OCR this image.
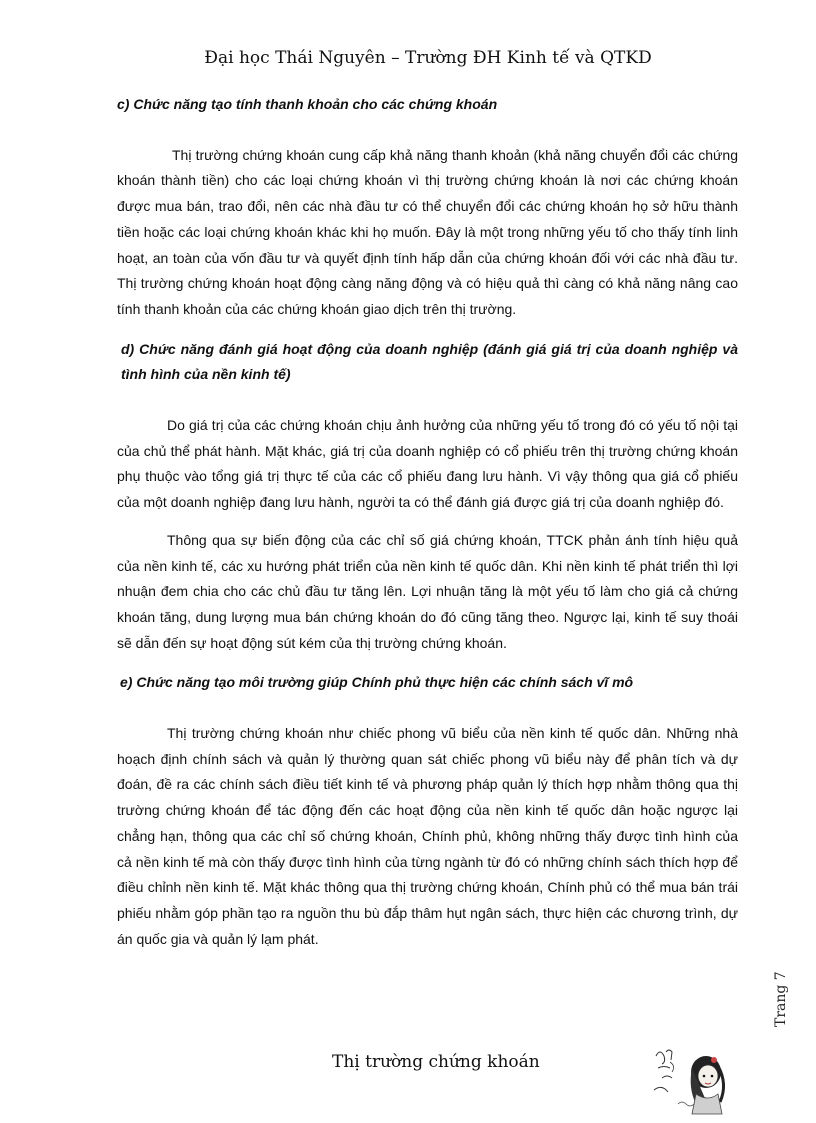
Đại học Thái Nguyên – Trường ĐH Kinh tế và QTKD

c) Chức năng tạo tính thanh khoản cho các chứng khoán

Thị trường chứng khoán cung cấp khả năng thanh khoản (khả năng chuyển đổi các chứng khoán thành tiền) cho các loại chứng khoán vì thị trường chứng khoán là nơi các chứng khoán được mua bán, trao đổi, nên các nhà đầu tư có thể chuyển đổi các chứng khoán họ sở hữu thành tiền hoặc các loại chứng khoán khác khi họ muốn. Đây là một trong những yếu tố cho thấy tính linh hoạt, an toàn của vốn đầu tư và quyết định tính hấp dẫn của chứng khoán đối với các nhà đầu tư. Thị trường chứng khoán hoạt động càng năng động và có hiệu quả thì càng có khả năng nâng cao tính thanh khoản của các chứng khoán giao dịch trên thị trường.

d) Chức năng đánh giá hoạt động của doanh nghiệp (đánh giá giá trị của doanh nghiệp và tình hình của nền kinh tế)

Do giá trị của các chứng khoán chịu ảnh hưởng của những yếu tố trong đó có yếu tố nội tại của chủ thể phát hành. Mặt khác, giá trị của doanh nghiệp có cổ phiếu trên thị trường chứng khoán phụ thuộc vào tổng giá trị thực tế của các cổ phiếu đang lưu hành. Vì vậy thông qua giá cổ phiếu của một doanh nghiệp đang lưu hành, người ta có thể đánh giá được giá trị của doanh nghiệp đó.

Thông qua sự biến động của các chỉ số giá chứng khoán, TTCK phản ánh tính hiệu quả của nền kinh tế, các xu hướng phát triển của nền kinh tế quốc dân. Khi nền kinh tế phát triển thì lợi nhuận đem chia cho các chủ đầu tư tăng lên. Lợi nhuận tăng là một yếu tố làm cho giá cả chứng khoán tăng, dung lượng mua bán chứng khoán do đó cũng tăng theo. Ngược lại, kinh tế suy thoái sẽ dẫn đến sự hoạt động sút kém của thị trường chứng khoán.

e) Chức năng tạo môi trường giúp Chính phủ thực hiện các chính sách vĩ mô

Thị trường chứng khoán như chiếc phong vũ biểu của nền kinh tế quốc dân. Những nhà hoạch định chính sách và quản lý thường quan sát chiếc phong vũ biểu này để phân tích và dự đoán, đề ra các chính sách điều tiết kinh tế và phương pháp quản lý thích hợp nhằm thông qua thị trường chứng khoán để tác động đến các hoạt động của nền kinh tế quốc dân hoặc ngược lại chẳng hạn, thông qua các chỉ số chứng khoán, Chính phủ, không những thấy được tình hình của cả nền kinh tế mà còn thấy được tình hình của từng ngành từ đó có những chính sách thích hợp để điều chỉnh nền kinh tế. Mặt khác thông qua thị trường chứng khoán, Chính phủ có thể mua bán trái phiếu nhằm góp phần tạo ra nguồn thu bù đắp thâm hụt ngân sách, thực hiện các chương trình, dự án quốc gia và quản lý lạm phát.

Trang 7
Thị trường chứng khoán
